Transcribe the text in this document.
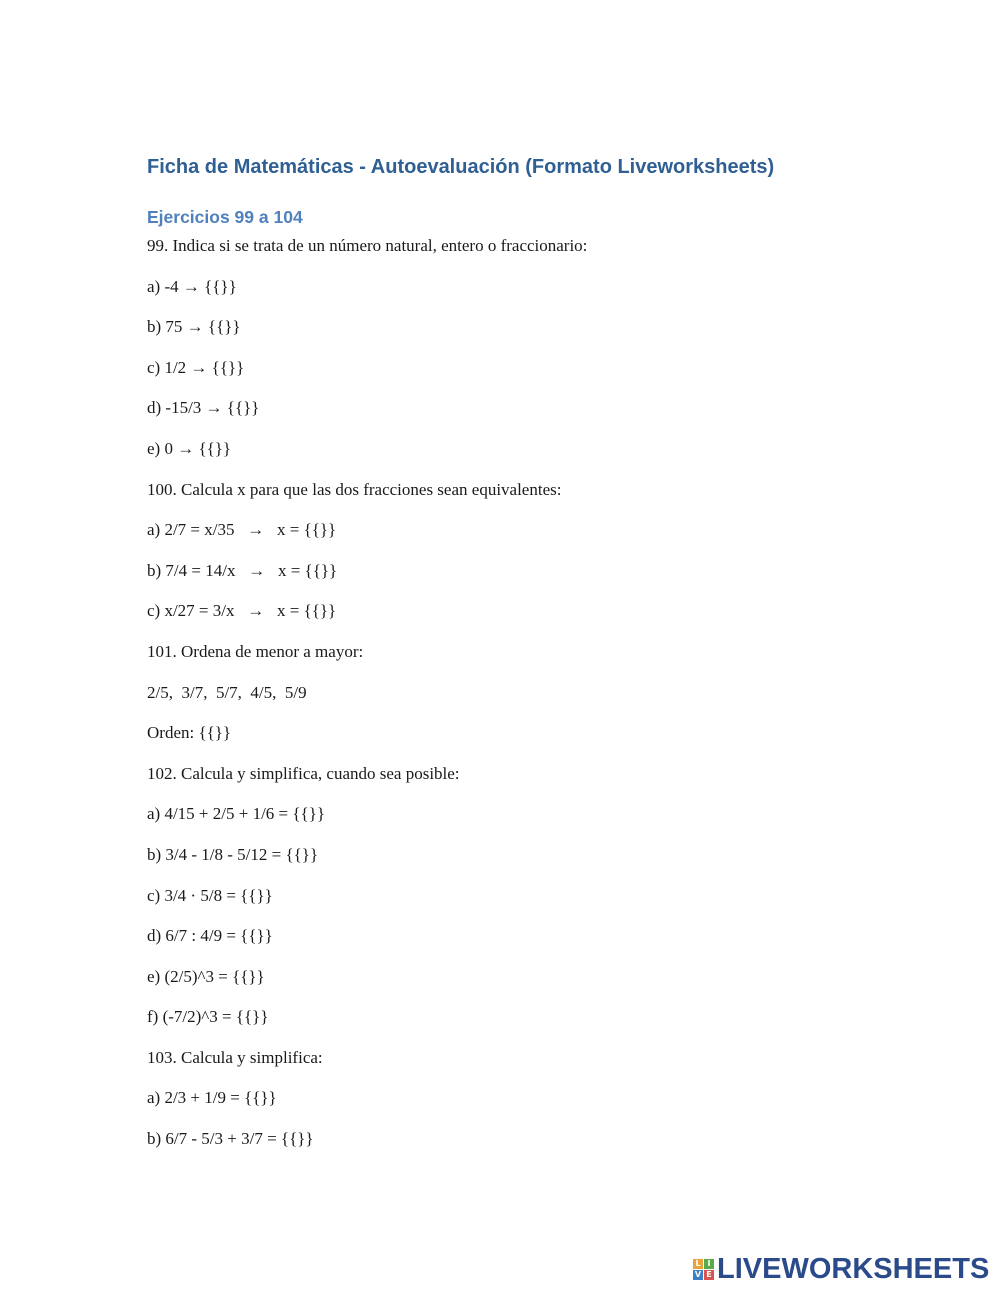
Ficha de Matemáticas - Autoevaluación (Formato Liveworksheets)
Ejercicios 99 a 104
99. Indica si se trata de un número natural, entero o fraccionario:
a) -4 → {{}}
b) 75 → {{}}
c) 1/2 → {{}}
d) -15/3 → {{}}
e) 0 → {{}}
100. Calcula x para que las dos fracciones sean equivalentes:
a) 2/7 = x/35   →   x = {{}}
b) 7/4 = 14/x   →   x = {{}}
c) x/27 = 3/x   →   x = {{}}
101. Ordena de menor a mayor:
2/5,  3/7,  5/7,  4/5,  5/9
Orden: {{}}
102. Calcula y simplifica, cuando sea posible:
a) 4/15 + 2/5 + 1/6 = {{}}
b) 3/4 - 1/8 - 5/12 = {{}}
c) 3/4 · 5/8 = {{}}
d) 6/7 : 4/9 = {{}}
e) (2/5)^3 = {{}}
f) (-7/2)^3 = {{}}
103. Calcula y simplifica:
a) 2/3 + 1/9 = {{}}
b) 6/7 - 5/3 + 3/7 = {{}}
L I
V E LIVEWORKSHEETS
